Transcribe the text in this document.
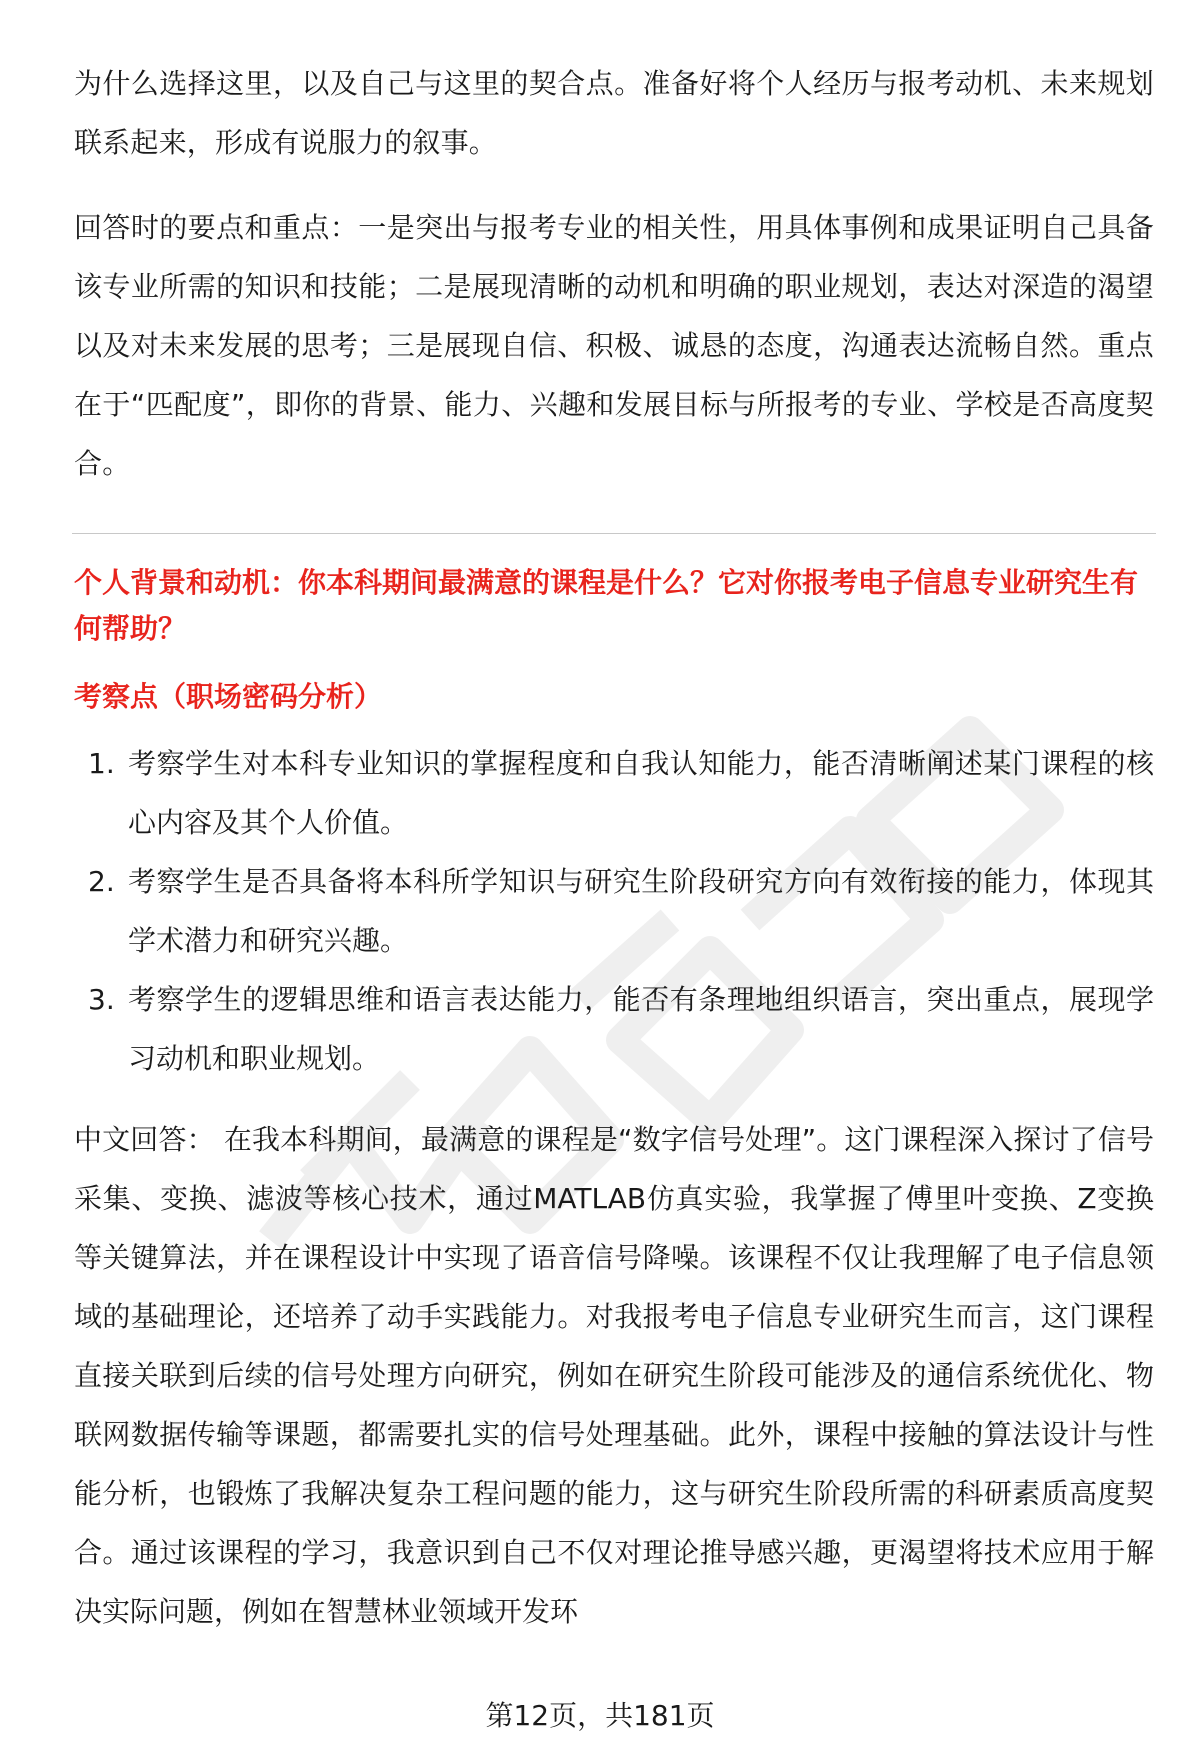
为什么选择这里，以及自己与这里的契合点。准备好将个人经历与报考动机、未来规划联系起来，形成有说服力的叙事。

回答时的要点和重点：一是突出与报考专业的相关性，用具体事例和成果证明自己具备该专业所需的知识和技能；二是展现清晰的动机和明确的职业规划，表达对深造的渴望以及对未来发展的思考；三是展现自信、积极、诚恳的态度，沟通表达流畅自然。重点在于“匹配度”，即你的背景、能力、兴趣和发展目标与所报考的专业、学校是否高度契合。

个人背景和动机：你本科期间最满意的课程是什么？它对你报考电子信息专业研究生有何帮助？
考察点（职场密码分析）
1. 考察学生对本科专业知识的掌握程度和自我认知能力，能否清晰阐述某门课程的核心内容及其个人价值。
2. 考察学生是否具备将本科所学知识与研究生阶段研究方向有效衔接的能力，体现其学术潜力和研究兴趣。
3. 考察学生的逻辑思维和语言表达能力，能否有条理地组织语言，突出重点，展现学习动机和职业规划。

中文回答： 在我本科期间，最满意的课程是“数字信号处理”。这门课程深入探讨了信号采集、变换、滤波等核心技术，通过MATLAB仿真实验，我掌握了傅里叶变换、Z变换等关键算法，并在课程设计中实现了语音信号降噪。该课程不仅让我理解了电子信息领域的基础理论，还培养了动手实践能力。对我报考电子信息专业研究生而言，这门课程直接关联到后续的信号处理方向研究，例如在研究生阶段可能涉及的通信系统优化、物联网数据传输等课题，都需要扎实的信号处理基础。此外，课程中接触的算法设计与性能分析，也锻炼了我解决复杂工程问题的能力，这与研究生阶段所需的科研素质高度契合。通过该课程的学习，我意识到自己不仅对理论推导感兴趣，更渴望将技术应用于解决实际问题，例如在智慧林业领域开发环

第12页，共181页
